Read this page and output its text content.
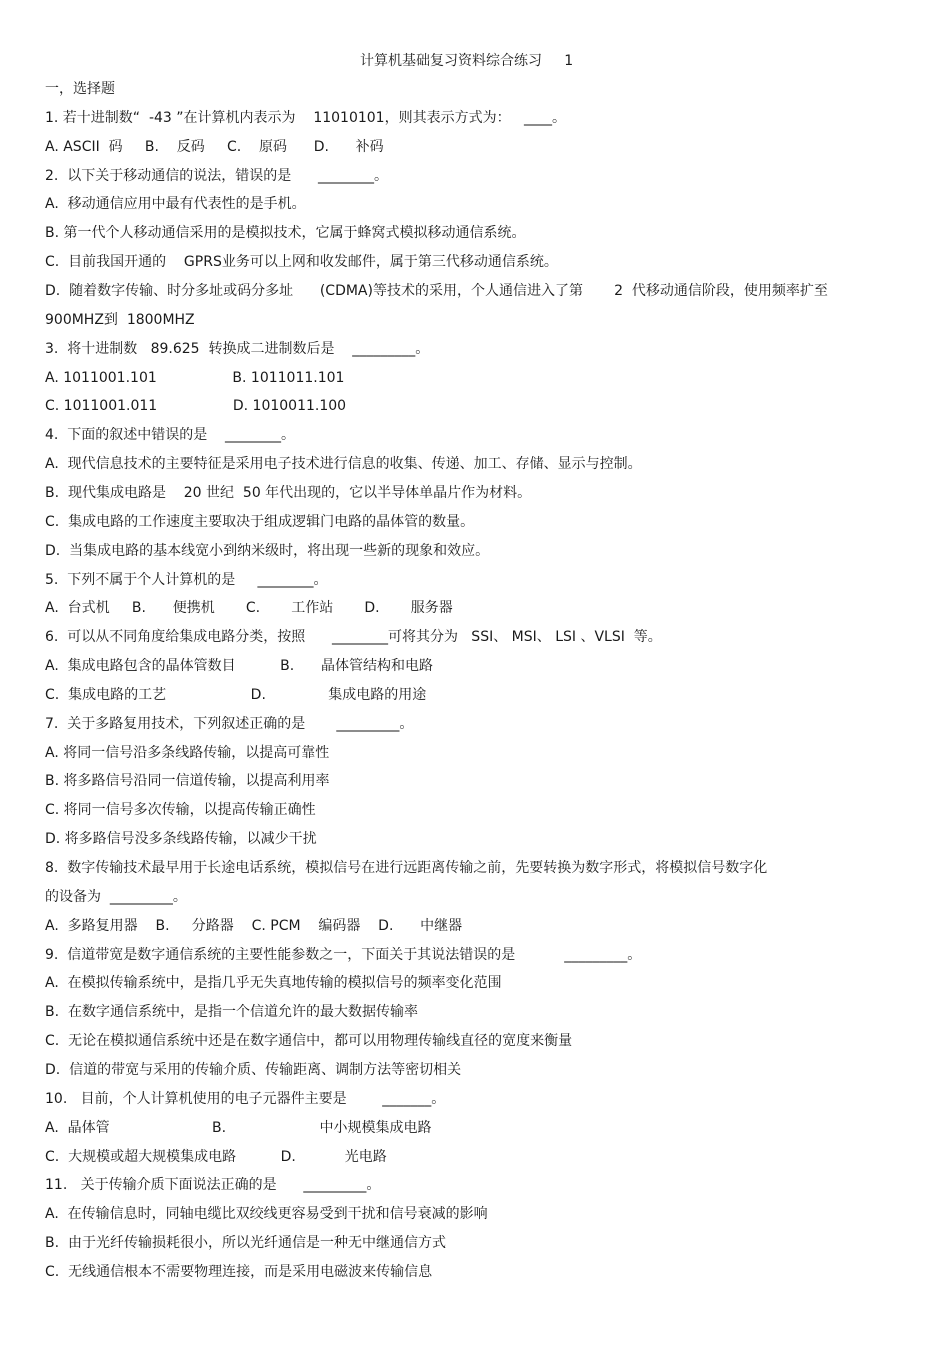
计算机基础复习资料综合练习     1
一，选择题
1. 若十进制数“  -43 ”在计算机内表示为    11010101，则其表示方式为：   ____。
A. ASCII  码     B.    反码     C.    原码      D.      补码
2.  以下关于移动通信的说法，错误的是      ________。
A.  移动通信应用中最有代表性的是手机。
B. 第一代个人移动通信采用的是模拟技术，它属于蜂窝式模拟移动通信系统。
C.  目前我国开通的    GPRS业务可以上网和收发邮件，属于第三代移动通信系统。
D.  随着数字传输、时分多址或码分多址      (CDMA)等技术的采用，个人通信进入了第       2  代移动通信阶段，使用频率扩至
900MHZ到  1800MHZ
3.  将十进制数   89.625  转换成二进制数后是    _________。
A. 1011001.101                 B. 1011011.101
C. 1011001.011                 D. 1010011.100
4.  下面的叙述中错误的是    ________。
A.  现代信息技术的主要特征是采用电子技术进行信息的收集、传递、加工、存储、显示与控制。
B.  现代集成电路是    20 世纪  50 年代出现的，它以半导体单晶片作为材料。
C.  集成电路的工作速度主要取决于组成逻辑门电路的晶体管的数量。
D.  当集成电路的基本线宽小到纳米级时，将出现一些新的现象和效应。
5.  下列不属于个人计算机的是     ________。
A.  台式机     B.      便携机       C.       工作站       D.       服务器
6.  可以从不同角度给集成电路分类，按照      ________可将其分为   SSI、 MSI、 LSI 、VLSI  等。
A.  集成电路包含的晶体管数目          B.      晶体管结构和电路
C.  集成电路的工艺                   D.              集成电路的用途
7.  关于多路复用技术，下列叙述正确的是       _________。
A. 将同一信号沿多条线路传输，以提高可靠性
B. 将多路信号沿同一信道传输，以提高利用率
C. 将同一信号多次传输，以提高传输正确性
D. 将多路信号没多条线路传输，以减少干扰
8.  数字传输技术最早用于长途电话系统，模拟信号在进行远距离传输之前，先要转换为数字形式，将模拟信号数字化
的设备为  _________。
A.  多路复用器    B.     分路器    C. PCM    编码器    D.      中继器
9.  信道带宽是数字通信系统的主要性能参数之一，下面关于其说法错误的是           _________。
A.  在模拟传输系统中，是指几乎无失真地传输的模拟信号的频率变化范围
B.  在数字通信系统中，是指一个信道允许的最大数据传输率
C.  无论在模拟通信系统中还是在数字通信中，都可以用物理传输线直径的宽度来衡量
D.  信道的带宽与采用的传输介质、传输距离、调制方法等密切相关
10.   目前，个人计算机使用的电子元器件主要是        _______。
A.  晶体管                       B.                     中小规模集成电路
C.  大规模或超大规模集成电路          D.           光电路
11.   关于传输介质下面说法正确的是      _________。
A.  在传输信息时，同轴电缆比双绞线更容易受到干扰和信号衰减的影响
B.  由于光纤传输损耗很小，所以光纤通信是一种无中继通信方式
C.  无线通信根本不需要物理连接，而是采用电磁波来传输信息
